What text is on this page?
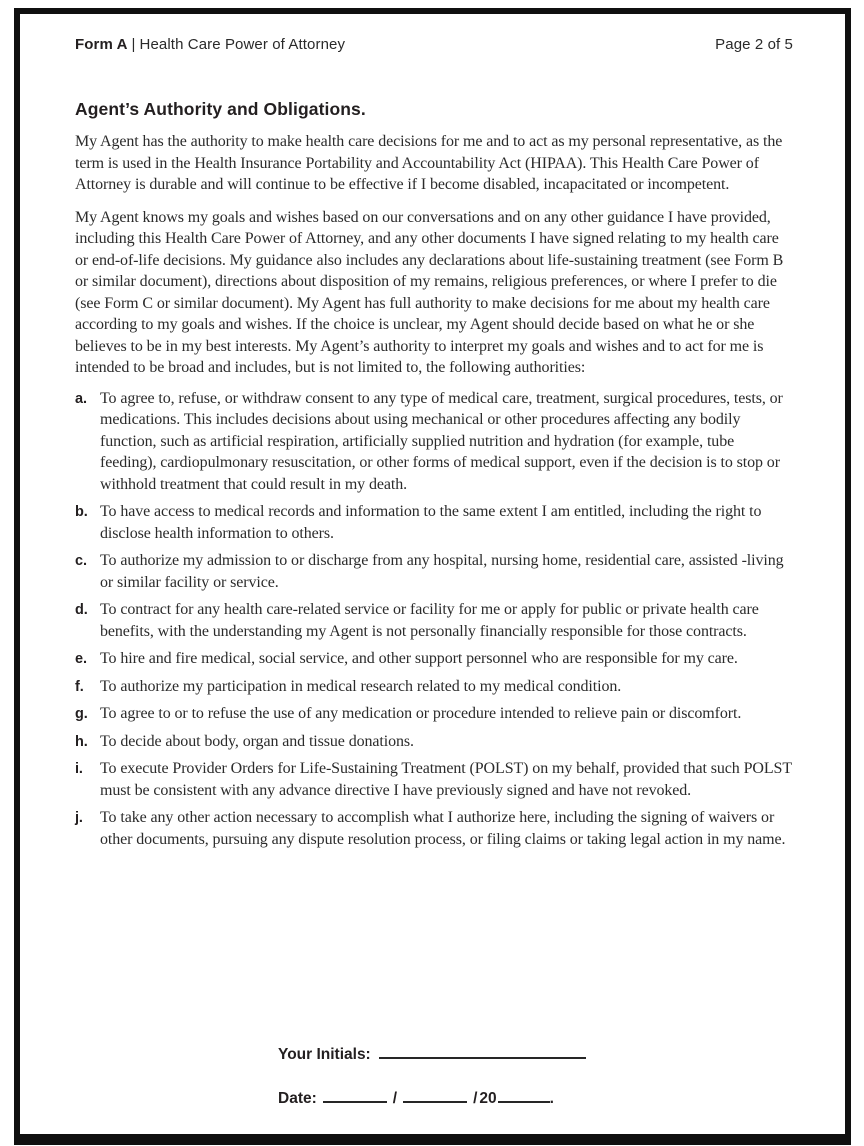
Form A | Health Care Power of Attorney	Page 2 of 5
Agent’s Authority and Obligations.

My Agent has the authority to make health care decisions for me and to act as my personal representative, as the term is used in the Health Insurance Portability and Accountability Act (HIPAA). This Health Care Power of Attorney is durable and will continue to be effective if I become disabled, incapacitated or incompetent.

My Agent knows my goals and wishes based on our conversations and on any other guidance I have provided, including this Health Care Power of Attorney, and any other documents I have signed relating to my health care or end-of-life decisions. My guidance also includes any declarations about life-sustaining treatment (see Form B or similar document), directions about disposition of my remains, religious preferences, or where I prefer to die (see Form C or similar document). My Agent has full authority to make decisions for me about my health care according to my goals and wishes. If the choice is unclear, my Agent should decide based on what he or she believes to be in my best interests. My Agent’s authority to interpret my goals and wishes and to act for me is intended to be broad and includes, but is not limited to, the following authorities:

a. To agree to, refuse, or withdraw consent to any type of medical care, treatment, surgical procedures, tests, or medications. This includes decisions about using mechanical or other procedures affecting any bodily function, such as artificial respiration, artificially supplied nutrition and hydration (for example, tube feeding), cardiopulmonary resuscitation, or other forms of medical support, even if the decision is to stop or withhold treatment that could result in my death.
b. To have access to medical records and information to the same extent I am entitled, including the right to disclose health information to others.
c. To authorize my admission to or discharge from any hospital, nursing home, residential care, assisted -living or similar facility or service.
d. To contract for any health care-related service or facility for me or apply for public or private health care benefits, with the understanding my Agent is not personally financially responsible for those contracts.
e. To hire and fire medical, social service, and other support personnel who are responsible for my care.
f. To authorize my participation in medical research related to my medical condition.
g. To agree to or to refuse the use of any medication or procedure intended to relieve pain or discomfort.
h. To decide about body, organ and tissue donations.
i. To execute Provider Orders for Life-Sustaining Treatment (POLST) on my behalf, provided that such POLST must be consistent with any advance directive I have previously signed and have not revoked.
j. To take any other action necessary to accomplish what I authorize here, including the signing of waivers or other documents, pursuing any dispute resolution process, or filing claims or taking legal action in my name.
Your Initials:
Date:	/	/ 20	.
